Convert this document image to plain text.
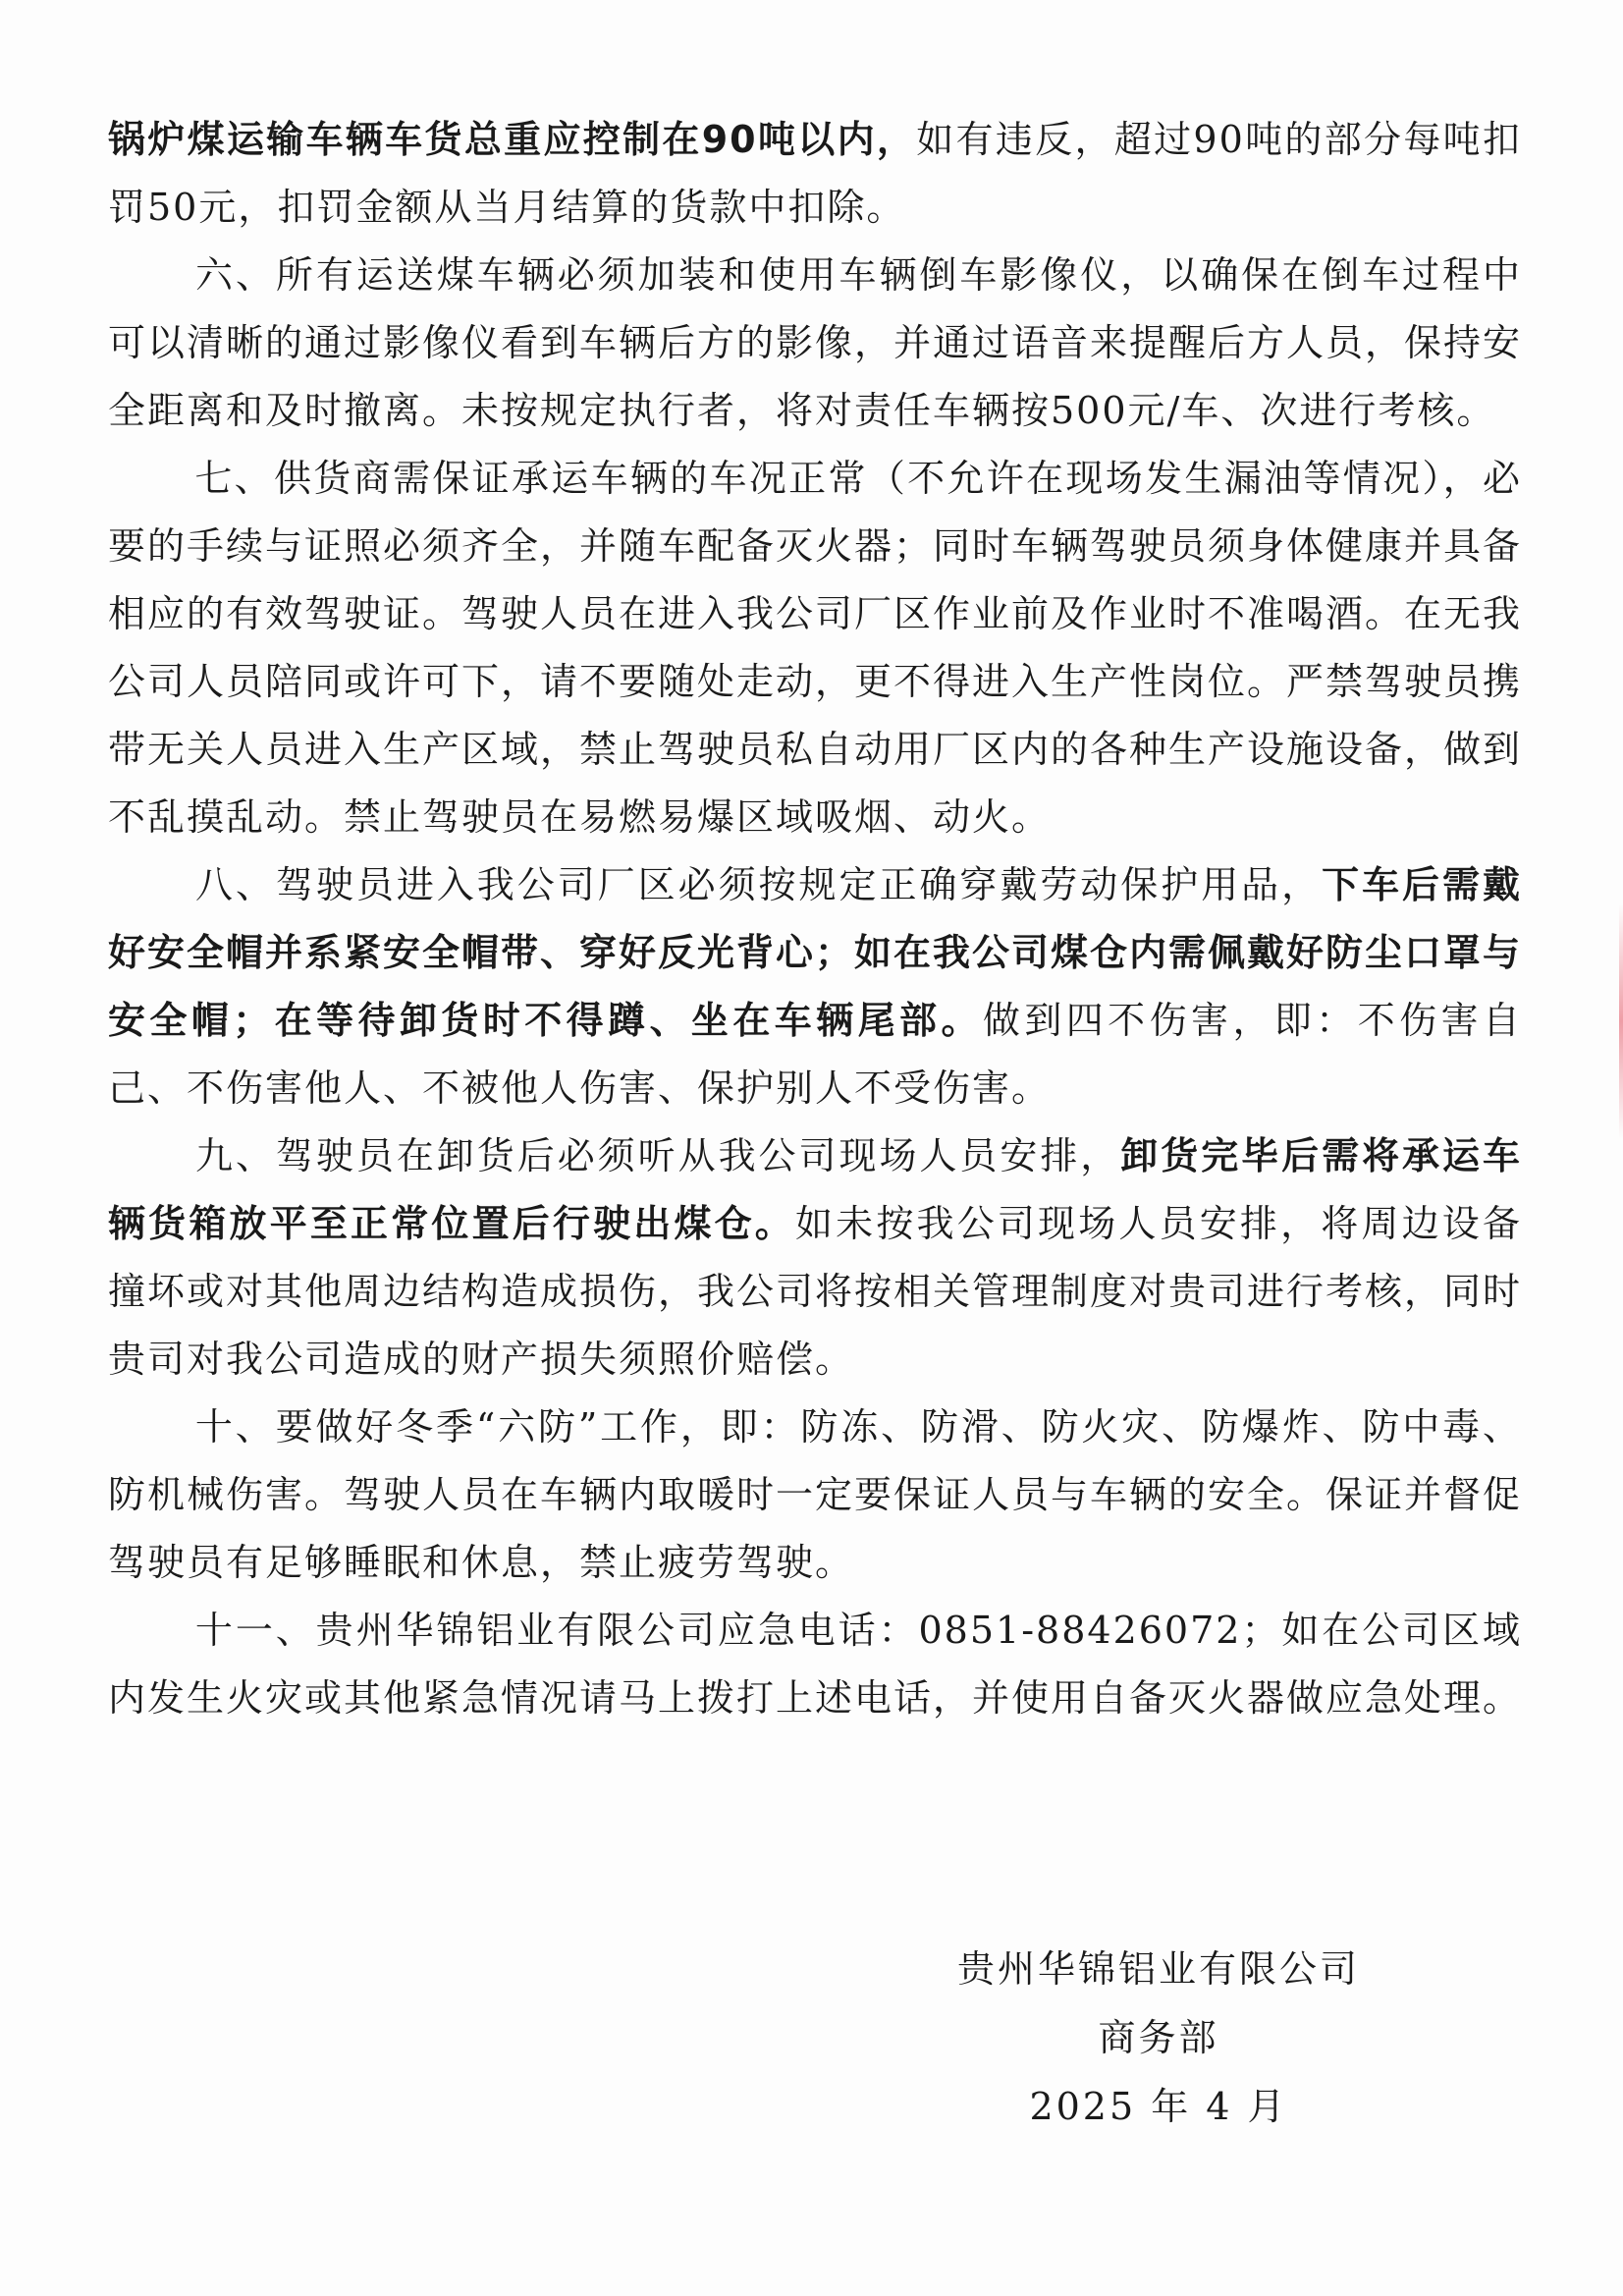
锅炉煤运输车辆车货总重应控制在90吨以内，如有违反，超过90吨的部分每吨扣罚50元，扣罚金额从当月结算的货款中扣除。

六、所有运送煤车辆必须加装和使用车辆倒车影像仪，以确保在倒车过程中可以清晰的通过影像仪看到车辆后方的影像，并通过语音来提醒后方人员，保持安全距离和及时撤离。未按规定执行者，将对责任车辆按500元/车、次进行考核。

七、供货商需保证承运车辆的车况正常（不允许在现场发生漏油等情况），必要的手续与证照必须齐全，并随车配备灭火器；同时车辆驾驶员须身体健康并具备相应的有效驾驶证。驾驶人员在进入我公司厂区作业前及作业时不准喝酒。在无我公司人员陪同或许可下，请不要随处走动，更不得进入生产性岗位。严禁驾驶员携带无关人员进入生产区域，禁止驾驶员私自动用厂区内的各种生产设施设备，做到不乱摸乱动。禁止驾驶员在易燃易爆区域吸烟、动火。

八、驾驶员进入我公司厂区必须按规定正确穿戴劳动保护用品，下车后需戴好安全帽并系紧安全帽带、穿好反光背心；如在我公司煤仓内需佩戴好防尘口罩与安全帽；在等待卸货时不得蹲、坐在车辆尾部。做到四不伤害，即：不伤害自己、不伤害他人、不被他人伤害、保护别人不受伤害。

九、驾驶员在卸货后必须听从我公司现场人员安排，卸货完毕后需将承运车辆货箱放平至正常位置后行驶出煤仓。如未按我公司现场人员安排，将周边设备撞坏或对其他周边结构造成损伤，我公司将按相关管理制度对贵司进行考核，同时贵司对我公司造成的财产损失须照价赔偿。

十、要做好冬季“六防”工作，即：防冻、防滑、防火灾、防爆炸、防中毒、防机械伤害。驾驶人员在车辆内取暖时一定要保证人员与车辆的安全。保证并督促驾驶员有足够睡眠和休息，禁止疲劳驾驶。

十一、贵州华锦铝业有限公司应急电话：0851-88426072；如在公司区域内发生火灾或其他紧急情况请马上拨打上述电话，并使用自备灭火器做应急处理。

贵州华锦铝业有限公司
商务部
2025 年 4 月
